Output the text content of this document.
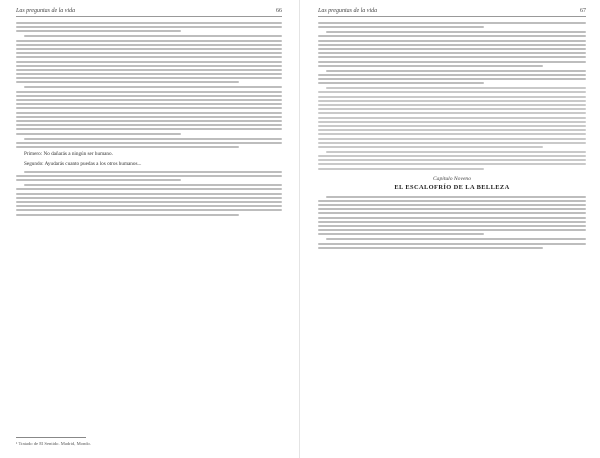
Las preguntas de la vida	66
Primero: No dañarás a ningún ser humano.
Segundo: Ayudarás cuanto puedas a los otros humanos...
¹ Tratado de El Sentido. Madrid, Mondo.
Las preguntas de la vida	67
Capítulo Noveno
EL ESCALOFRÍO DE LA BELLEZA
